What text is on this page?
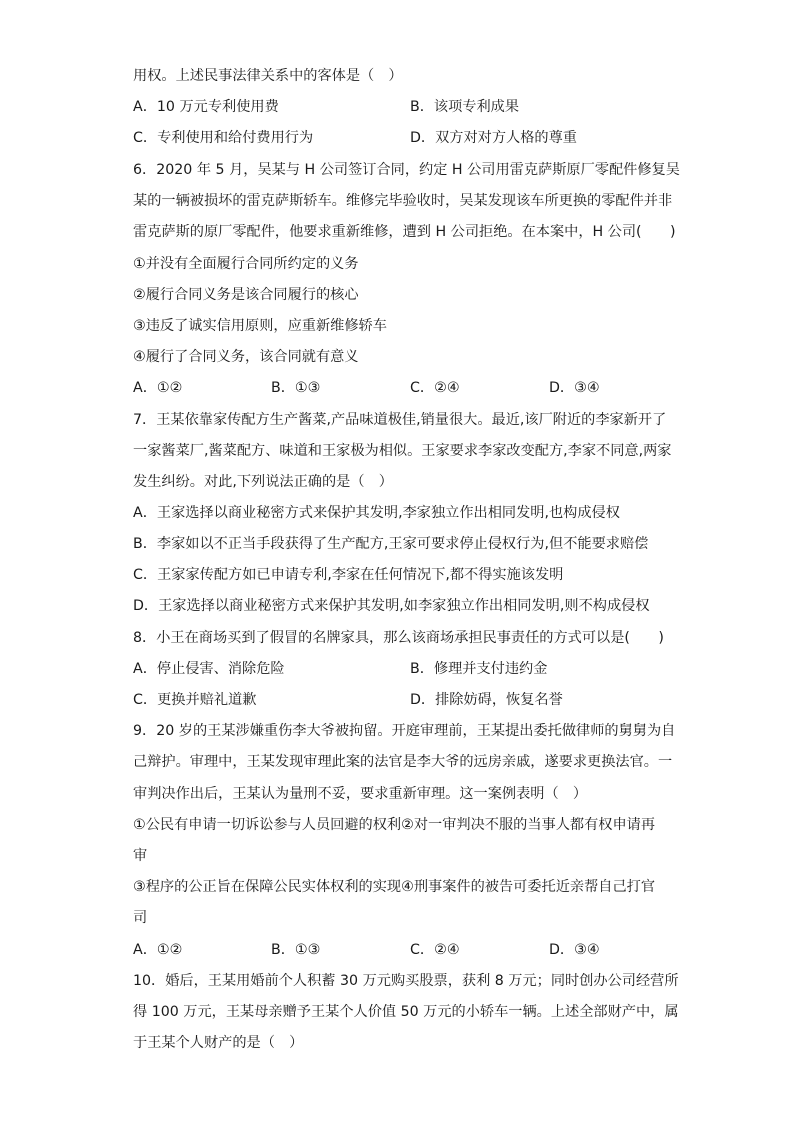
用权。上述民事法律关系中的客体是（　）
A．10 万元专利使用费	B．该项专利成果
C．专利使用和给付费用行为	D．双方对对方人格的尊重
6．2020 年 5 月，吴某与 H 公司签订合同，约定 H 公司用雷克萨斯原厂零配件修复吴
某的一辆被损坏的雷克萨斯轿车。维修完毕验收时，吴某发现该车所更换的零配件并非
雷克萨斯的原厂零配件，他要求重新维修，遭到 H 公司拒绝。在本案中，H 公司(　　)
①并没有全面履行合同所约定的义务
②履行合同义务是该合同履行的核心
③违反了诚实信用原则，应重新维修轿车
④履行了合同义务，该合同就有意义
A．①②	B．①③	C．②④	D．③④
7．王某依靠家传配方生产酱菜,产品味道极佳,销量很大。最近,该厂附近的李家新开了
一家酱菜厂,酱菜配方、味道和王家极为相似。王家要求李家改变配方,李家不同意,两家
发生纠纷。对此,下列说法正确的是（　）
A．王家选择以商业秘密方式来保护其发明,李家独立作出相同发明,也构成侵权
B．李家如以不正当手段获得了生产配方,王家可要求停止侵权行为,但不能要求赔偿
C．王家家传配方如已申请专利,李家在任何情况下,都不得实施该发明
D．王家选择以商业秘密方式来保护其发明,如李家独立作出相同发明,则不构成侵权
8．小王在商场买到了假冒的名牌家具，那么该商场承担民事责任的方式可以是(　　)
A．停止侵害、消除危险	B．修理并支付违约金
C．更换并赔礼道歉	D．排除妨碍，恢复名誉
9．20 岁的王某涉嫌重伤李大爷被拘留。开庭审理前，王某提出委托做律师的舅舅为自
己辩护。审理中，王某发现审理此案的法官是李大爷的远房亲戚，遂要求更换法官。一
审判决作出后，王某认为量刑不妥，要求重新审理。这一案例表明（　）
①公民有申请一切诉讼参与人员回避的权利②对一审判决不服的当事人都有权申请再
审
③程序的公正旨在保障公民实体权利的实现④刑事案件的被告可委托近亲帮自己打官
司
A．①②	B．①③	C．②④	D．③④
10．婚后，王某用婚前个人积蓄 30 万元购买股票，获利 8 万元；同时创办公司经营所
得 100 万元，王某母亲赠予王某个人价值 50 万元的小轿车一辆。上述全部财产中，属
于王某个人财产的是（　）
